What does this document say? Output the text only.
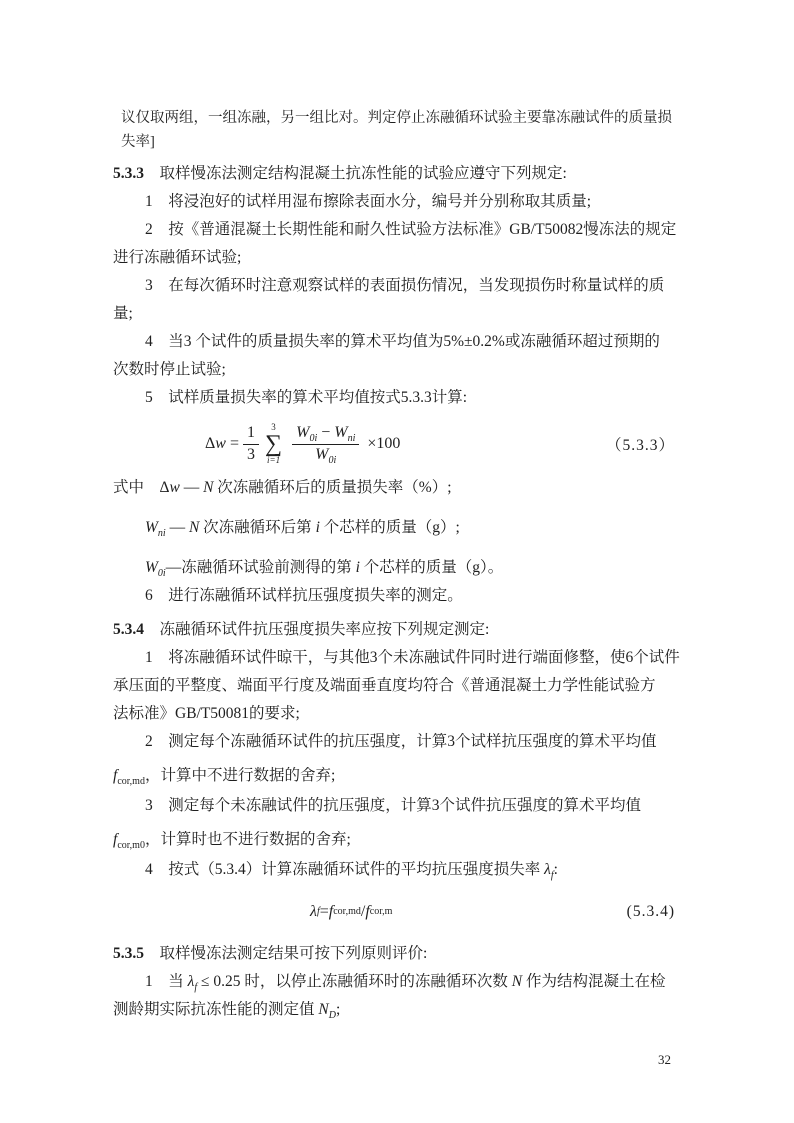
议仅取两组，一组冻融，另一组比对。判定停止冻融循环试验主要靠冻融试件的质量损失率]
5.3.3　取样慢冻法测定结构混凝土抗冻性能的试验应遵守下列规定:
1　将浸泡好的试样用湿布擦除表面水分，编号并分别称取其质量;
2　按《普通混凝土长期性能和耐久性试验方法标准》GB/T50082慢冻法的规定
进行冻融循环试验;
3　在每次循环时注意观察试样的表面损伤情况，当发现损伤时称量试样的质
量;
4　当3 个试件的质量损失率的算术平均值为5%±0.2%或冻融循环超过预期的
次数时停止试验;
5　试样质量损失率的算术平均值按式5.3.3计算:
$\Delta w = \frac{1}{3} 3$
∑
$i=1 \frac{W_{0i} - W_{ni}}{W_{0i}} \times 100$	（5.3.3）
式中　Δw — N 次冻融循环后的质量损失率（%）;
$W_{ni}$ — N 次冻融循环后第 i 个芯样的质量（g）;
$W_{0i}—$冻融循环试验前测得的第 i 个芯样的质量（g）。
6　进行冻融循环试样抗压强度损失率的测定。
5.3.4　冻融循环试件抗压强度损失率应按下列规定测定:
1　将冻融循环试件晾干，与其他3个未冻融试件同时进行端面修整，使6个试件
承压面的平整度、端面平行度及端面垂直度均符合《普通混凝土力学性能试验方
法标准》GB/T50081的要求;
2　测定每个冻融循环试件的抗压强度，计算3个试样抗压强度的算术平均值
$f_{cor,md}$，计算中不进行数据的舍弃;
3　测定每个未冻融试件的抗压强度，计算3个试件抗压强度的算术平均值
$f_{cor,m0}$，计算时也不进行数据的舍弃;
4　按式（5.3.4）计算冻融循环试件的平均抗压强度损失率 $\lambda_f$:
λ f = f cor,md / f cor,m	(5.3.4)
5.3.5　取样慢冻法测定结果可按下列原则评价:
1　当 $\lambda_f \le 0.25$ 时，以停止冻融循环时的冻融循环次数 N 作为结构混凝土在检
测龄期实际抗冻性能的测定值 $N_D$;
32
